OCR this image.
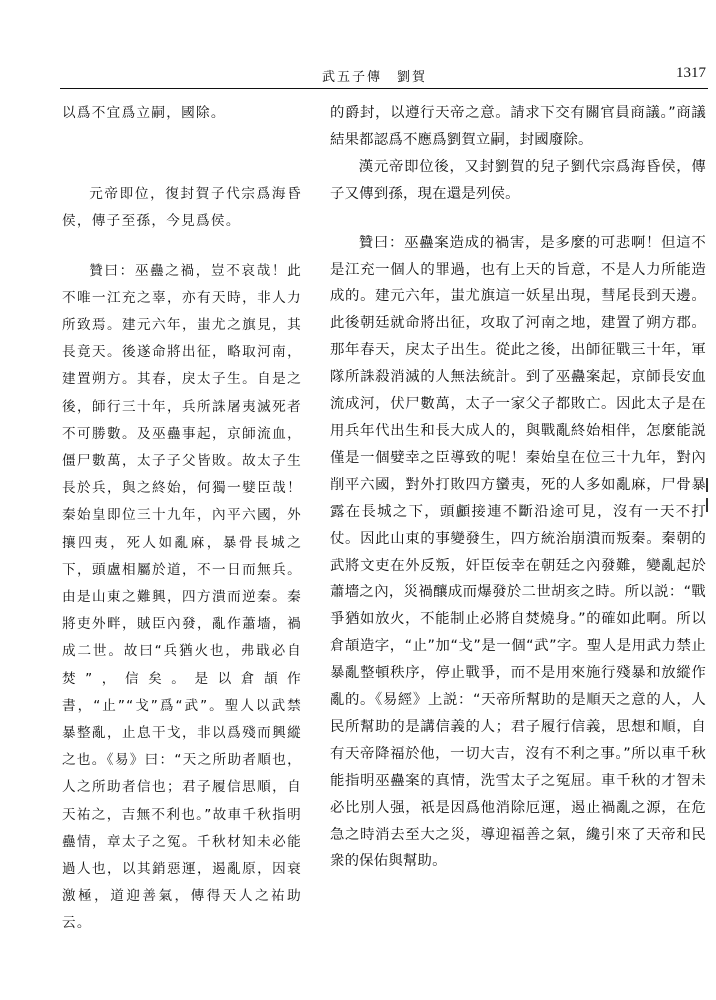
武五子傳　劉賀	1317

以爲不宜爲立嗣，國除。

元帝即位，復封賀子代宗爲海昏侯，傳子至孫，今見爲侯。

贊曰：巫蠱之禍，豈不哀哉！此不唯一江充之辜，亦有天時，非人力所致焉。建元六年，蚩尤之旗見，其長竟天。後遂命將出征，略取河南，建置朔方。其春，戾太子生。自是之後，師行三十年，兵所誅屠夷滅死者不可勝數。及巫蠱事起，京師流血，僵尸數萬，太子子父皆敗。故太子生長於兵，與之終始，何獨一嬖臣哉！秦始皇即位三十九年，內平六國，外攘四夷，死人如亂麻，暴骨長城之下，頭盧相屬於道，不一日而無兵。由是山東之難興，四方潰而逆秦。秦將吏外畔，賊臣內發，亂作蕭墻，禍成二世。故曰“兵猶火也，弗戢必自焚”，信矣。是以倉頡作書，“止”“戈”爲“武”。聖人以武禁暴整亂，止息干戈，非以爲殘而興縱之也。《易》曰：“天之所助者順也，人之所助者信也；君子履信思順，自天祐之，吉無不利也。”故車千秋指明蠱情，章太子之冤。千秋材知未必能過人也，以其銷惡運，遏亂原，因衰激極，道迎善氣，傳得天人之祐助云。

的爵封，以遵行天帝之意。請求下交有關官員商議。”商議結果都認爲不應爲劉賀立嗣，封國廢除。

漢元帝即位後，又封劉賀的兒子劉代宗爲海昏侯，傳子又傳到孫，現在還是列侯。

贊曰：巫蠱案造成的禍害，是多麼的可悲啊！但這不是江充一個人的罪過，也有上天的旨意，不是人力所能造成的。建元六年，蚩尤旗這一妖星出現，彗尾長到天邊。此後朝廷就命將出征，攻取了河南之地，建置了朔方郡。那年春天，戾太子出生。從此之後，出師征戰三十年，軍隊所誅殺消滅的人無法統計。到了巫蠱案起，京師長安血流成河，伏尸數萬，太子一家父子都敗亡。因此太子是在用兵年代出生和長大成人的，與戰亂終始相伴，怎麼能説僅是一個嬖幸之臣導致的呢！秦始皇在位三十九年，對內削平六國，對外打敗四方蠻夷，死的人多如亂麻，尸骨暴露在長城之下，頭顱接連不斷沿途可見，沒有一天不打仗。因此山東的事變發生，四方統治崩潰而叛秦。秦朝的武將文吏在外反叛，奸臣佞幸在朝廷之內發難，變亂起於蕭墻之內，災禍釀成而爆發於二世胡亥之時。所以説：“戰爭猶如放火，不能制止必將自焚燒身。”的確如此啊。所以倉頡造字，“止”加“戈”是一個“武”字。聖人是用武力禁止暴亂整頓秩序，停止戰爭，而不是用來施行殘暴和放縱作亂的。《易經》上説：“天帝所幫助的是順天之意的人，人民所幫助的是講信義的人；君子履行信義，思想和順，自有天帝降福於他，一切大吉，沒有不利之事。”所以車千秋能指明巫蠱案的真情，洗雪太子之冤屈。車千秋的才智未必比別人强，祇是因爲他消除厄運，遏止禍亂之源，在危急之時消去至大之災，導迎福善之氣，纔引來了天帝和民衆的保佑與幫助。
